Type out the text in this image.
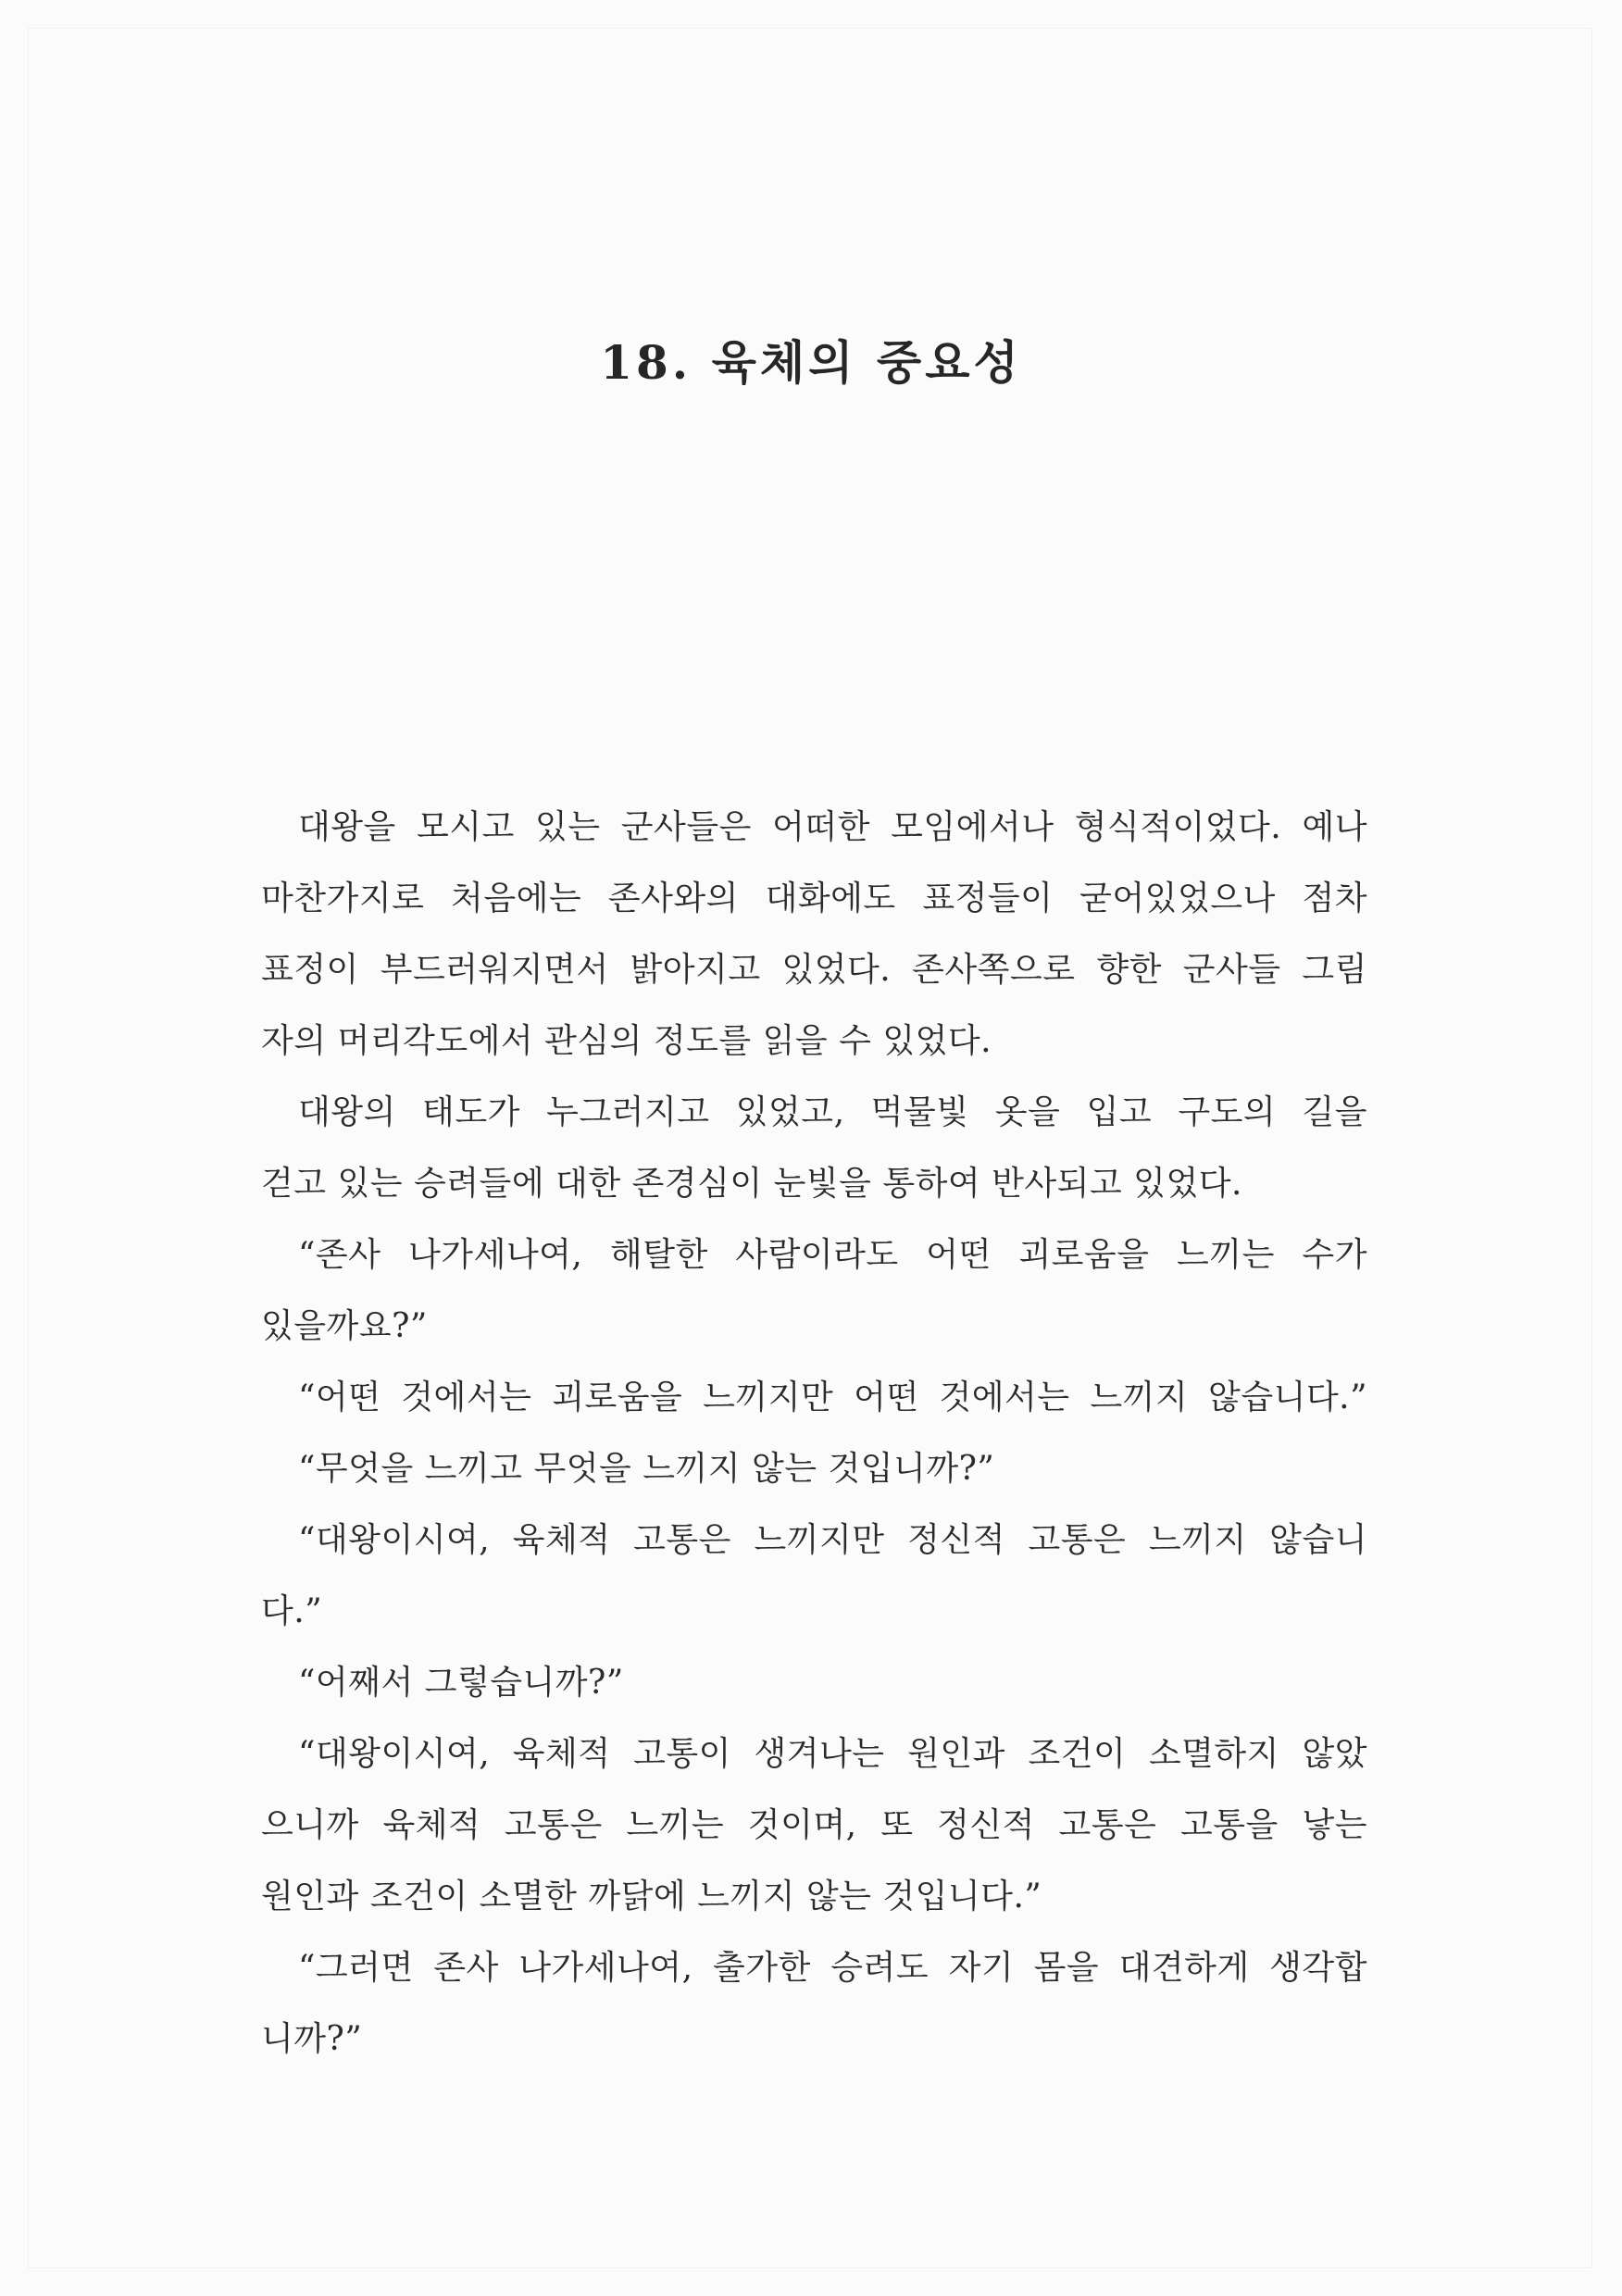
18. 육체의 중요성
대왕을 모시고 있는 군사들은 어떠한 모임에서나 형식적이었다. 예나
마찬가지로 처음에는 존사와의 대화에도 표정들이 굳어있었으나 점차
표정이 부드러워지면서 밝아지고 있었다. 존사쪽으로 향한 군사들 그림
자의 머리각도에서 관심의 정도를 읽을 수 있었다.
대왕의 태도가 누그러지고 있었고, 먹물빛 옷을 입고 구도의 길을
걷고 있는 승려들에 대한 존경심이 눈빛을 통하여 반사되고 있었다.
“존사 나가세나여, 해탈한 사람이라도 어떤 괴로움을 느끼는 수가
있을까요?”
“어떤 것에서는 괴로움을 느끼지만 어떤 것에서는 느끼지 않습니다.”
“무엇을 느끼고 무엇을 느끼지 않는 것입니까?”
“대왕이시여, 육체적 고통은 느끼지만 정신적 고통은 느끼지 않습니
다.”
“어째서 그렇습니까?”
“대왕이시여, 육체적 고통이 생겨나는 원인과 조건이 소멸하지 않았
으니까 육체적 고통은 느끼는 것이며, 또 정신적 고통은 고통을 낳는
원인과 조건이 소멸한 까닭에 느끼지 않는 것입니다.”
“그러면 존사 나가세나여, 출가한 승려도 자기 몸을 대견하게 생각합
니까?”
